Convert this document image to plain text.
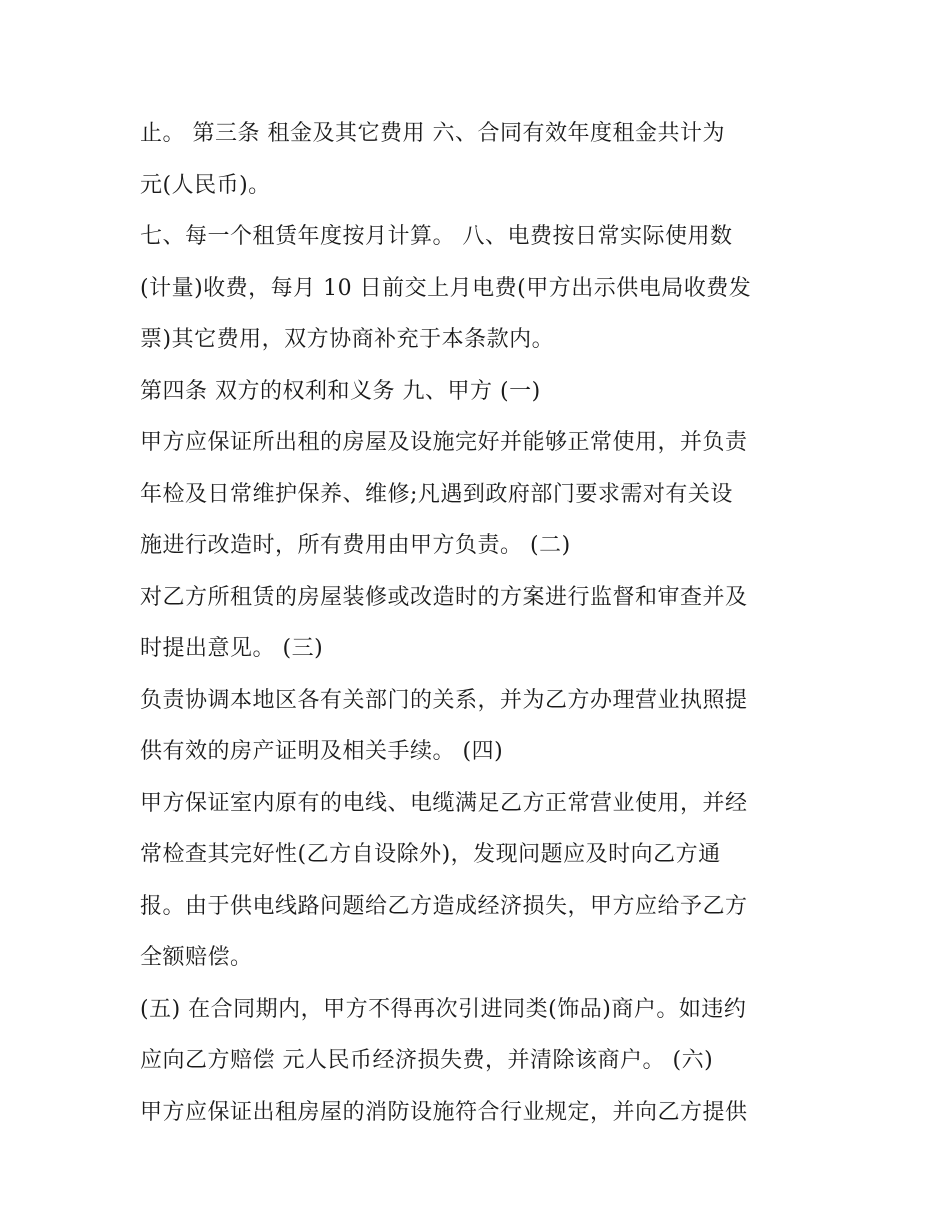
止。 第三条 租金及其它费用 六、合同有效年度租金共计为
元(人民币)。
七、每一个租赁年度按月计算。 八、电费按日常实际使用数
(计量)收费，每月 10 日前交上月电费(甲方出示供电局收费发
票)其它费用，双方协商补充于本条款内。
第四条 双方的权利和义务 九、甲方 (一)
甲方应保证所出租的房屋及设施完好并能够正常使用，并负责
年检及日常维护保养、维修;凡遇到政府部门要求需对有关设
施进行改造时，所有费用由甲方负责。 (二)
对乙方所租赁的房屋装修或改造时的方案进行监督和审查并及
时提出意见。 (三)
负责协调本地区各有关部门的关系，并为乙方办理营业执照提
供有效的房产证明及相关手续。 (四)
甲方保证室内原有的电线、电缆满足乙方正常营业使用，并经
常检查其完好性(乙方自设除外)，发现问题应及时向乙方通
报。由于供电线路问题给乙方造成经济损失，甲方应给予乙方
全额赔偿。
(五) 在合同期内，甲方不得再次引进同类(饰品)商户。如违约
应向乙方赔偿 元人民币经济损失费，并清除该商户。 (六)
甲方应保证出租房屋的消防设施符合行业规定，并向乙方提供
